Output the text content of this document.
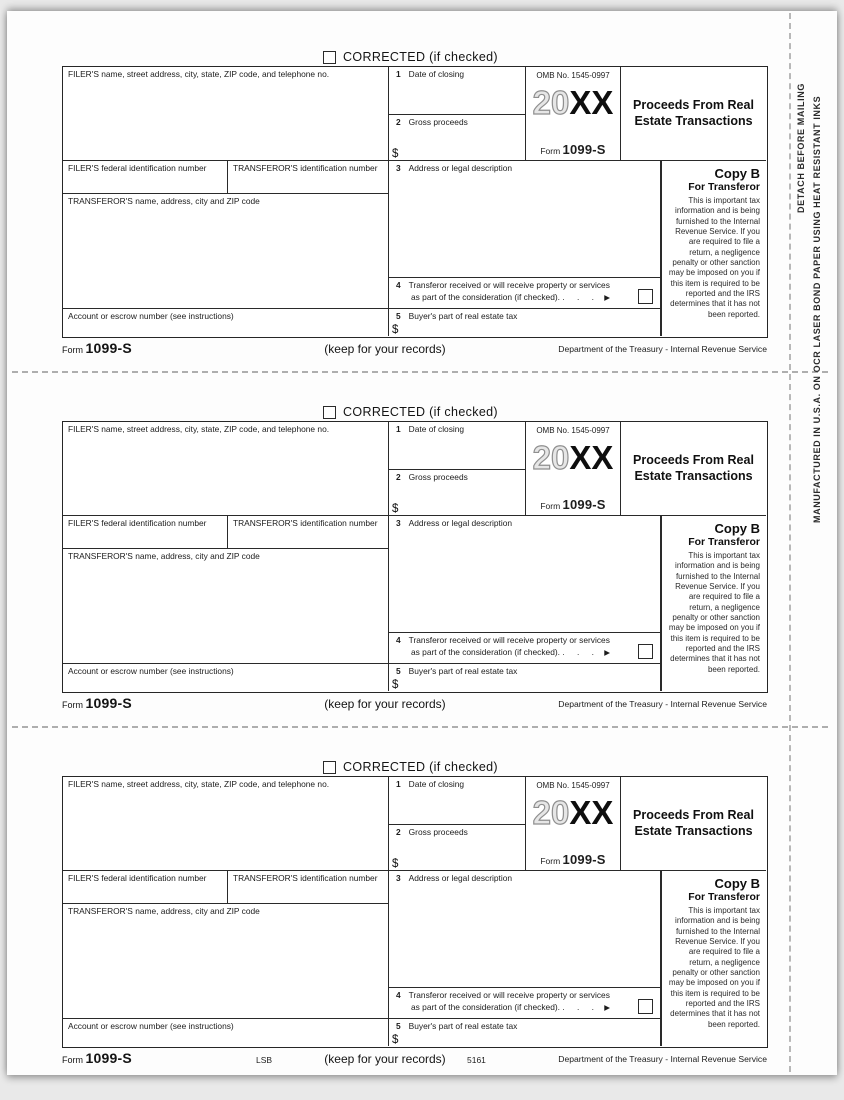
DETACH BEFORE MAILING MANUFACTURED IN U.S.A. ON OCR LASER BOND PAPER USING HEAT RESISTANT INKS
CORRECTED (if checked)
FILER'S name, street address, city, state, ZIP code, and telephone no.	1 Date of closing
2 Gross proceeds
$
OMB No. 1545-0997
20XX
Form 1099-S
Proceeds From Real Estate Transactions
FILER'S federal identification number	TRANSFEROR'S identification number
TRANSFEROR'S name, address, city and ZIP code
Account or escrow number (see instructions)
3 Address or legal description
4 Transferor received or will receive property or services
as part of the consideration (if checked). . . . ▶
5 Buyer's part of real estate tax
$
Copy B
For Transferor
This is important tax information and is being furnished to the Internal Revenue Service. If you are required to file a return, a negligence penalty or other sanction may be imposed on you if this item is required to be reported and the IRS determines that it has not been reported.
Form 1099-S	(keep for your records)	Department of the Treasury - Internal Revenue Service
CORRECTED (if checked)
FILER'S name, street address, city, state, ZIP code, and telephone no.	1 Date of closing
2 Gross proceeds
$
OMB No. 1545-0997
20XX
Form 1099-S
Proceeds From Real Estate Transactions
FILER'S federal identification number	TRANSFEROR'S identification number
TRANSFEROR'S name, address, city and ZIP code
Account or escrow number (see instructions)
3 Address or legal description
4 Transferor received or will receive property or services
as part of the consideration (if checked). . . . ▶
5 Buyer's part of real estate tax
$
Copy B
For Transferor
This is important tax information and is being furnished to the Internal Revenue Service. If you are required to file a return, a negligence penalty or other sanction may be imposed on you if this item is required to be reported and the IRS determines that it has not been reported.
Form 1099-S	(keep for your records)	Department of the Treasury - Internal Revenue Service
CORRECTED (if checked)
FILER'S name, street address, city, state, ZIP code, and telephone no.	1 Date of closing
2 Gross proceeds
$
OMB No. 1545-0997
20XX
Form 1099-S
Proceeds From Real Estate Transactions
FILER'S federal identification number	TRANSFEROR'S identification number
TRANSFEROR'S name, address, city and ZIP code
Account or escrow number (see instructions)
3 Address or legal description
4 Transferor received or will receive property or services
as part of the consideration (if checked). . . . ▶
5 Buyer's part of real estate tax
$
Copy B
For Transferor
This is important tax information and is being furnished to the Internal Revenue Service. If you are required to file a return, a negligence penalty or other sanction may be imposed on you if this item is required to be reported and the IRS determines that it has not been reported.
Form 1099-S	LSB	(keep for your records)	5161	Department of the Treasury - Internal Revenue Service
